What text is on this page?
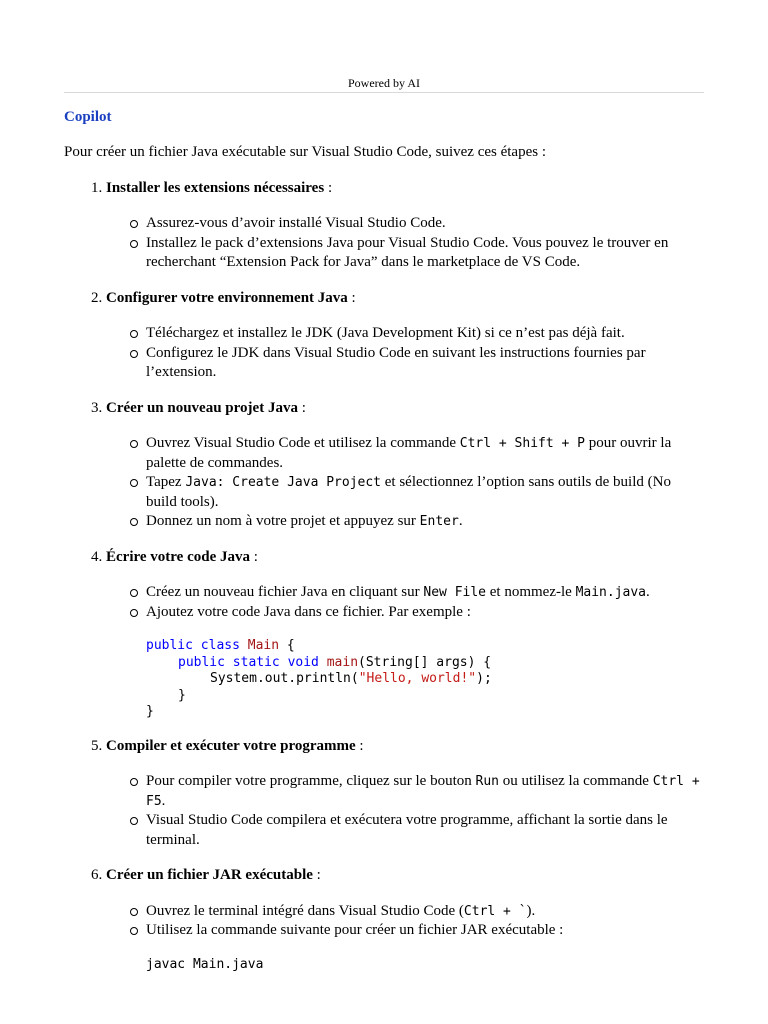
Powered by AI
Copilot
Pour créer un fichier Java exécutable sur Visual Studio Code, suivez ces étapes :
1. Installer les extensions nécessaires :
Assurez-vous d’avoir installé Visual Studio Code.
Installez le pack d’extensions Java pour Visual Studio Code. Vous pouvez le trouver en recherchant “Extension Pack for Java” dans le marketplace de VS Code.
2. Configurer votre environnement Java :
Téléchargez et installez le JDK (Java Development Kit) si ce n’est pas déjà fait.
Configurez le JDK dans Visual Studio Code en suivant les instructions fournies par l’extension.
3. Créer un nouveau projet Java :
Ouvrez Visual Studio Code et utilisez la commande Ctrl + Shift + P pour ouvrir la palette de commandes.
Tapez Java: Create Java Project et sélectionnez l’option sans outils de build (No build tools).
Donnez un nom à votre projet et appuyez sur Enter.
4. Écrire votre code Java :
Créez un nouveau fichier Java en cliquant sur New File et nommez-le Main.java.
Ajoutez votre code Java dans ce fichier. Par exemple :
public class Main {
public static void main(String[] args) {
System.out.println("Hello, world!");
}
}
5. Compiler et exécuter votre programme :
Pour compiler votre programme, cliquez sur le bouton Run ou utilisez la commande Ctrl + F5.
Visual Studio Code compilera et exécutera votre programme, affichant la sortie dans le terminal.
6. Créer un fichier JAR exécutable :
Ouvrez le terminal intégré dans Visual Studio Code (Ctrl + `).
Utilisez la commande suivante pour créer un fichier JAR exécutable :
javac Main.java
